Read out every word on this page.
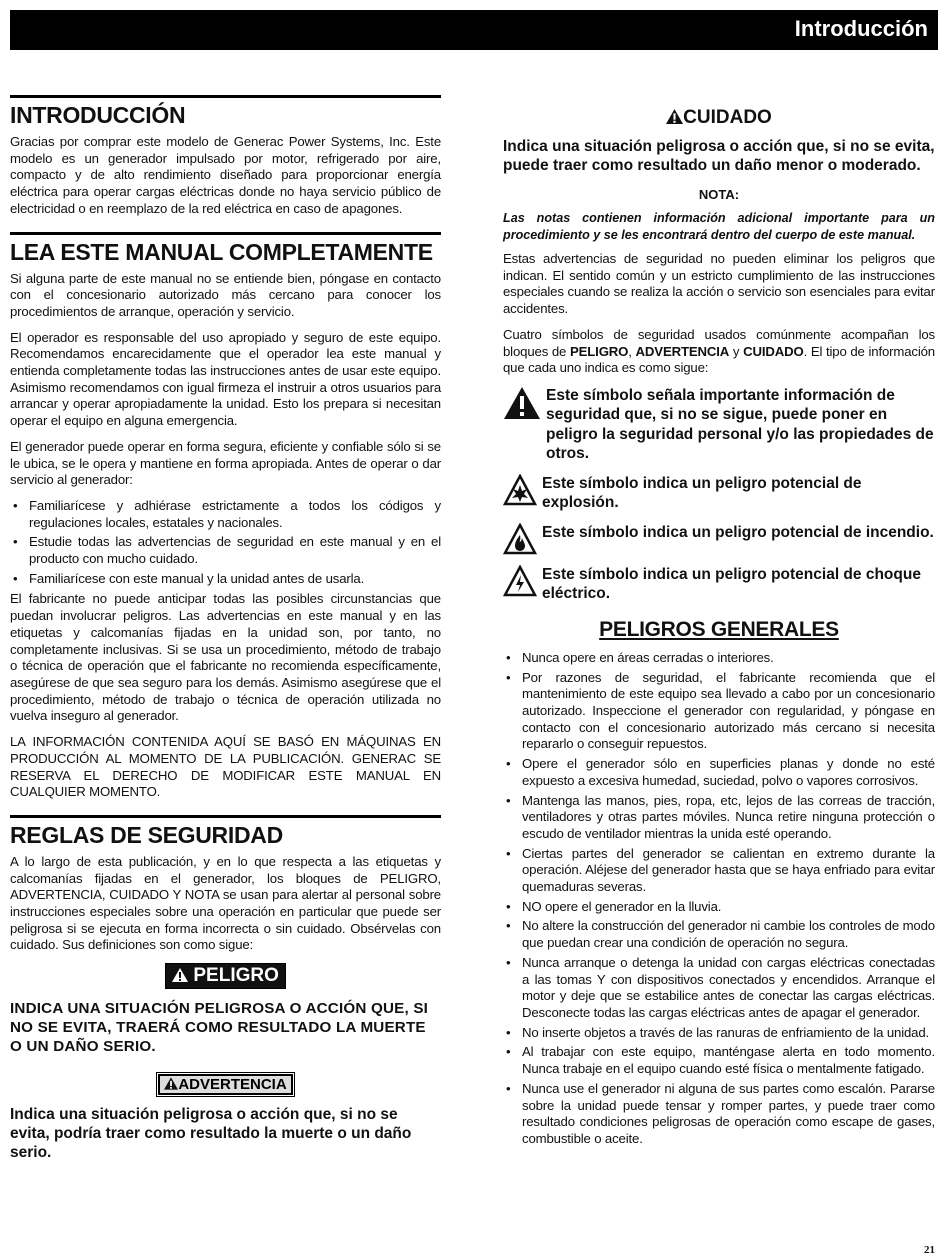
Introducción
INTRODUCCIÓN

Gracias por comprar este modelo de Generac Power Systems, Inc. Este modelo es un generador impulsado por motor, refrigerado por aire, compacto y de alto rendimiento diseñado para proporcionar energía eléctrica para operar cargas eléctricas donde no haya servicio público de electricidad o en reemplazo de la red eléctrica en caso de apagones.

LEA ESTE MANUAL COMPLETAMENTE

Si alguna parte de este manual no se entiende bien, póngase en contacto con el concesionario autorizado más cercano para conocer los procedimientos de arranque, operación y servicio.

El operador es responsable del uso apropiado y seguro de este equipo. Recomendamos encarecidamente que el operador lea este manual y entienda completamente todas las instrucciones antes de usar este equipo. Asimismo recomendamos con igual firmeza el instruir a otros usuarios para arrancar y operar apropiadamente la unidad. Esto los prepara si necesitan operar el equipo en alguna emergencia.

El generador puede operar en forma segura, eficiente y confiable sólo si se le ubica, se le opera y mantiene en forma apropiada. Antes de operar o dar servicio al generador:

• Familiarícese y adhiérase estrictamente a todos los códigos y regulaciones locales, estatales y nacionales.
• Estudie todas las advertencias de seguridad en este manual y en el producto con mucho cuidado.
• Familiarícese con este manual y la unidad antes de usarla.

El fabricante no puede anticipar todas las posibles circunstancias que puedan involucrar peligros. Las advertencias en este manual y en las etiquetas y calcomanías fijadas en la unidad son, por tanto, no completamente inclusivas. Si se usa un procedimiento, método de trabajo o técnica de operación que el fabricante no recomienda específicamente, asegúrese de que sea seguro para los demás. Asimismo asegúrese que el procedimiento, método de trabajo o técnica de operación utilizada no vuelva inseguro al generador.

LA INFORMACIÓN CONTENIDA AQUÍ SE BASÓ EN MÁQUINAS EN PRODUCCIÓN AL MOMENTO DE LA PUBLICACIÓN. GENERAC SE RESERVA EL DERECHO DE MODIFICAR ESTE MANUAL EN CUALQUIER MOMENTO.

REGLAS DE SEGURIDAD

A lo largo de esta publicación, y en lo que respecta a las etiquetas y calcomanías fijadas en el generador, los bloques de PELIGRO, ADVERTENCIA, CUIDADO Y NOTA se usan para alertar al personal sobre instrucciones especiales sobre una operación en particular que puede ser peligrosa si se ejecuta en forma incorrecta o sin cuidado. Obsérvelas con cuidado. Sus definiciones son como sigue:

PELIGRO
INDICA UNA SITUACIÓN PELIGROSA O ACCIÓN QUE, SI NO SE EVITA, TRAERÁ COMO RESULTADO LA MUERTE O UN DAÑO SERIO.
ADVERTENCIA
Indica una situación peligrosa o acción que, si no se evita, podría traer como resultado la muerte o un daño serio.
CUIDADO
Indica una situación peligrosa o acción que, si no se evita, puede traer como resultado un daño menor o moderado.
NOTA:
Las notas contienen información adicional importante para un procedimiento y se les encontrará dentro del cuerpo de este manual.

Estas advertencias de seguridad no pueden eliminar los peligros que indican. El sentido común y un estricto cumplimiento de las instrucciones especiales cuando se realiza la acción o servicio son esenciales para evitar accidentes.

Cuatro símbolos de seguridad usados comúnmente acompañan los bloques de PELIGRO, ADVERTENCIA y CUIDADO. El tipo de información que cada uno indica es como sigue:

Este símbolo señala importante información de seguridad que, si no se sigue, puede poner en peligro la seguridad personal y/o las propiedades de otros.
Este símbolo indica un peligro potencial de explosión.
Este símbolo indica un peligro potencial de incendio.
Este símbolo indica un peligro potencial de choque eléctrico.
PELIGROS GENERALES
• Nunca opere en áreas cerradas o interiores.
• Por razones de seguridad, el fabricante recomienda que el mantenimiento de este equipo sea llevado a cabo por un concesionario autorizado. Inspeccione el generador con regularidad, y póngase en contacto con el concesionario autorizado más cercano si necesita repararlo o conseguir repuestos.
• Opere el generador sólo en superficies planas y donde no esté expuesto a excesiva humedad, suciedad, polvo o vapores corrosivos.
• Mantenga las manos, pies, ropa, etc, lejos de las correas de tracción, ventiladores y otras partes móviles. Nunca retire ninguna protección o escudo de ventilador mientras la unida esté operando.
• Ciertas partes del generador se calientan en extremo durante la operación. Aléjese del generador hasta que se haya enfriado para evitar quemaduras severas.
• NO opere el generador en la lluvia.
• No altere la construcción del generador ni cambie los controles de modo que puedan crear una condición de operación no segura.
• Nunca arranque o detenga la unidad con cargas eléctricas conectadas a las tomas Y con dispositivos conectados y encendidos. Arranque el motor y deje que se estabilice antes de conectar las cargas eléctricas. Desconecte todas las cargas eléctricas antes de apagar el generador.
• No inserte objetos a través de las ranuras de enfriamiento de la unidad.
• Al trabajar con este equipo, manténgase alerta en todo momento. Nunca trabaje en el equipo cuando esté física o mentalmente fatigado.
• Nunca use el generador ni alguna de sus partes como escalón. Pararse sobre la unidad puede tensar y romper partes, y puede traer como resultado condiciones peligrosas de operación como escape de gases, combustible o aceite.
21
